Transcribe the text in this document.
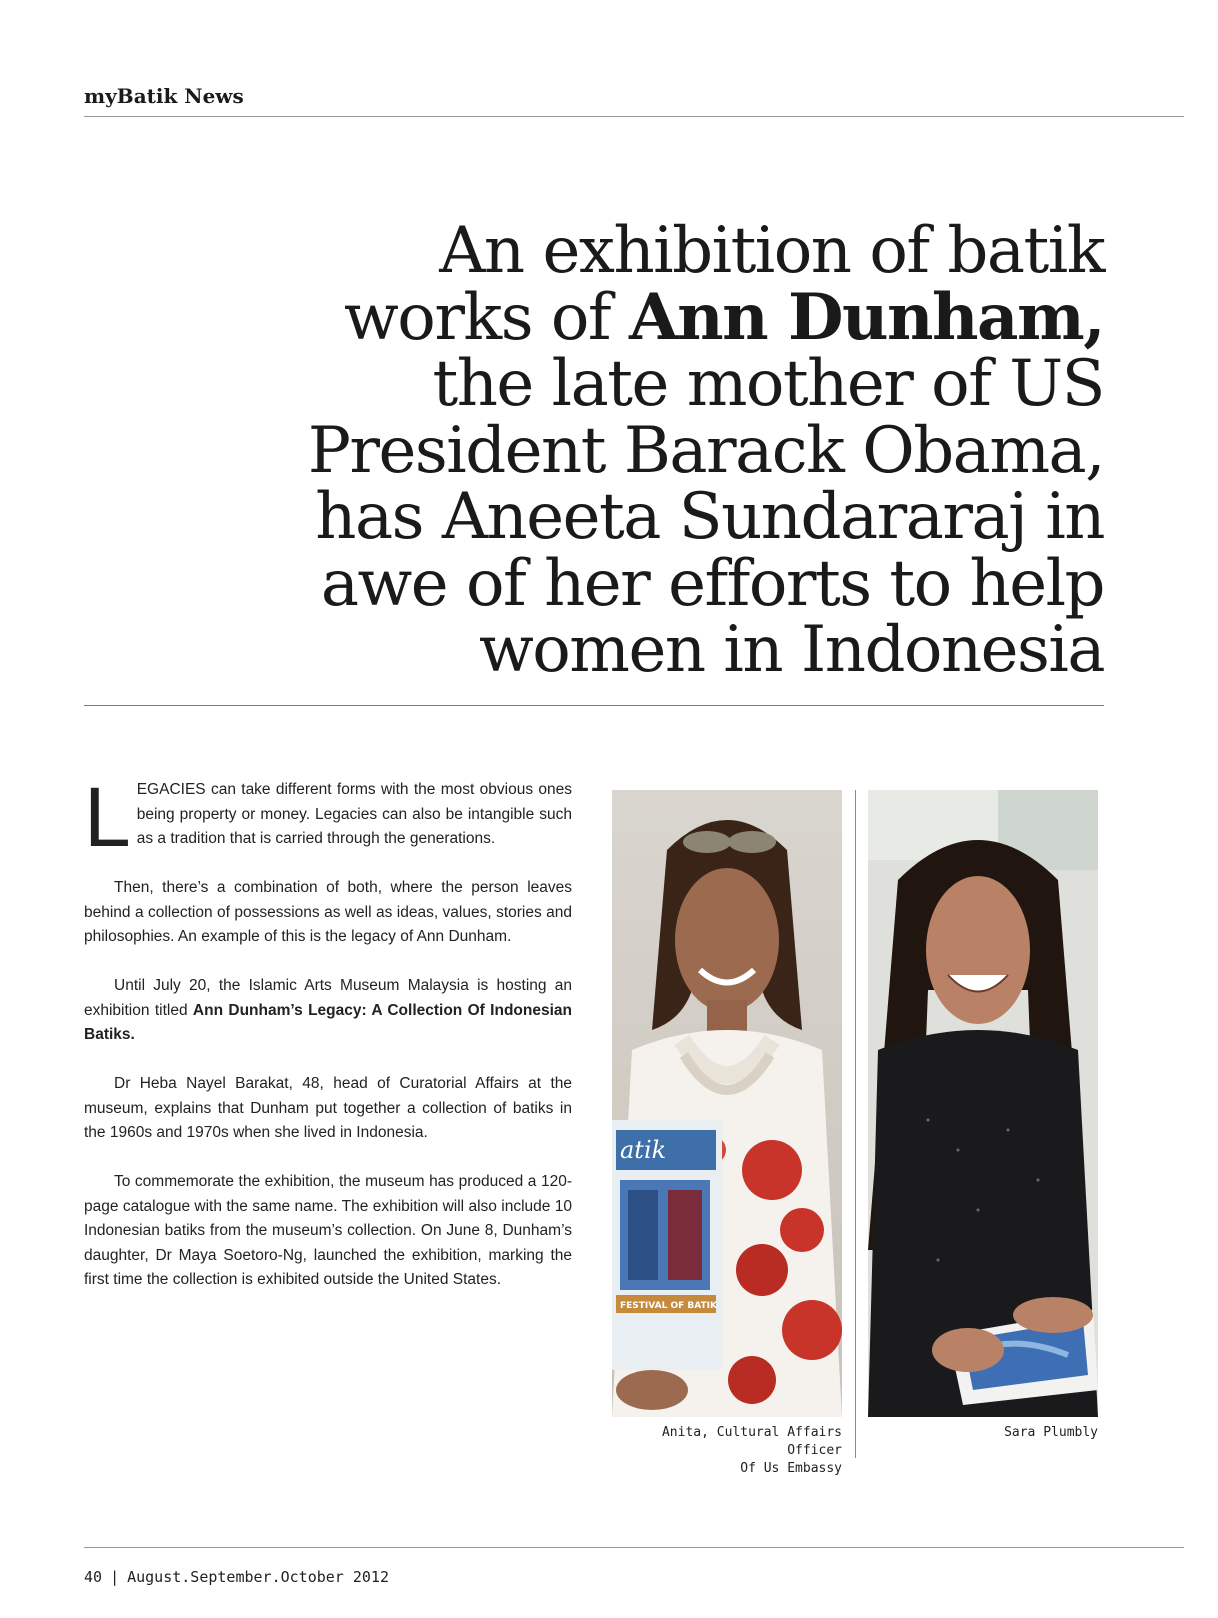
myBatik News
An exhibition of batik
works of Ann Dunham,
the late mother of US
President Barack Obama,
has Aneeta Sundararaj in
awe of her efforts to help
women in Indonesia

LEGACIES can take different forms with the most obvious ones being property or money. Legacies can also be intangible such as a tradition that is carried through the generations.

Then, there’s a combination of both, where the person leaves behind a collection of possessions as well as ideas, values, stories and philosophies. An example of this is the legacy of Ann Dunham.

Until July 20, the Islamic Arts Museum Malaysia is hosting an exhibition titled Ann Dunham’s Legacy: A Collection Of Indonesian Batiks.

Dr Heba Nayel Barakat, 48, head of Curatorial Affairs at the museum, explains that Dunham put together a collection of batiks in the 1960s and 1970s when she lived in Indonesia.

To commemorate the exhibition, the museum has produced a 120-page catalogue with the same name. The exhibition will also include 10 Indonesian batiks from the museum’s collection. On June 8, Dunham’s daughter, Dr Maya Soetoro-Ng, launched the exhibition, marking the first time the collection is exhibited outside the United States.

atik
FESTIVAL OF BATIK
Anita, Cultural Affairs Officer
Of Us Embassy
Sara Plumbly
40 | August.September.October 2012
